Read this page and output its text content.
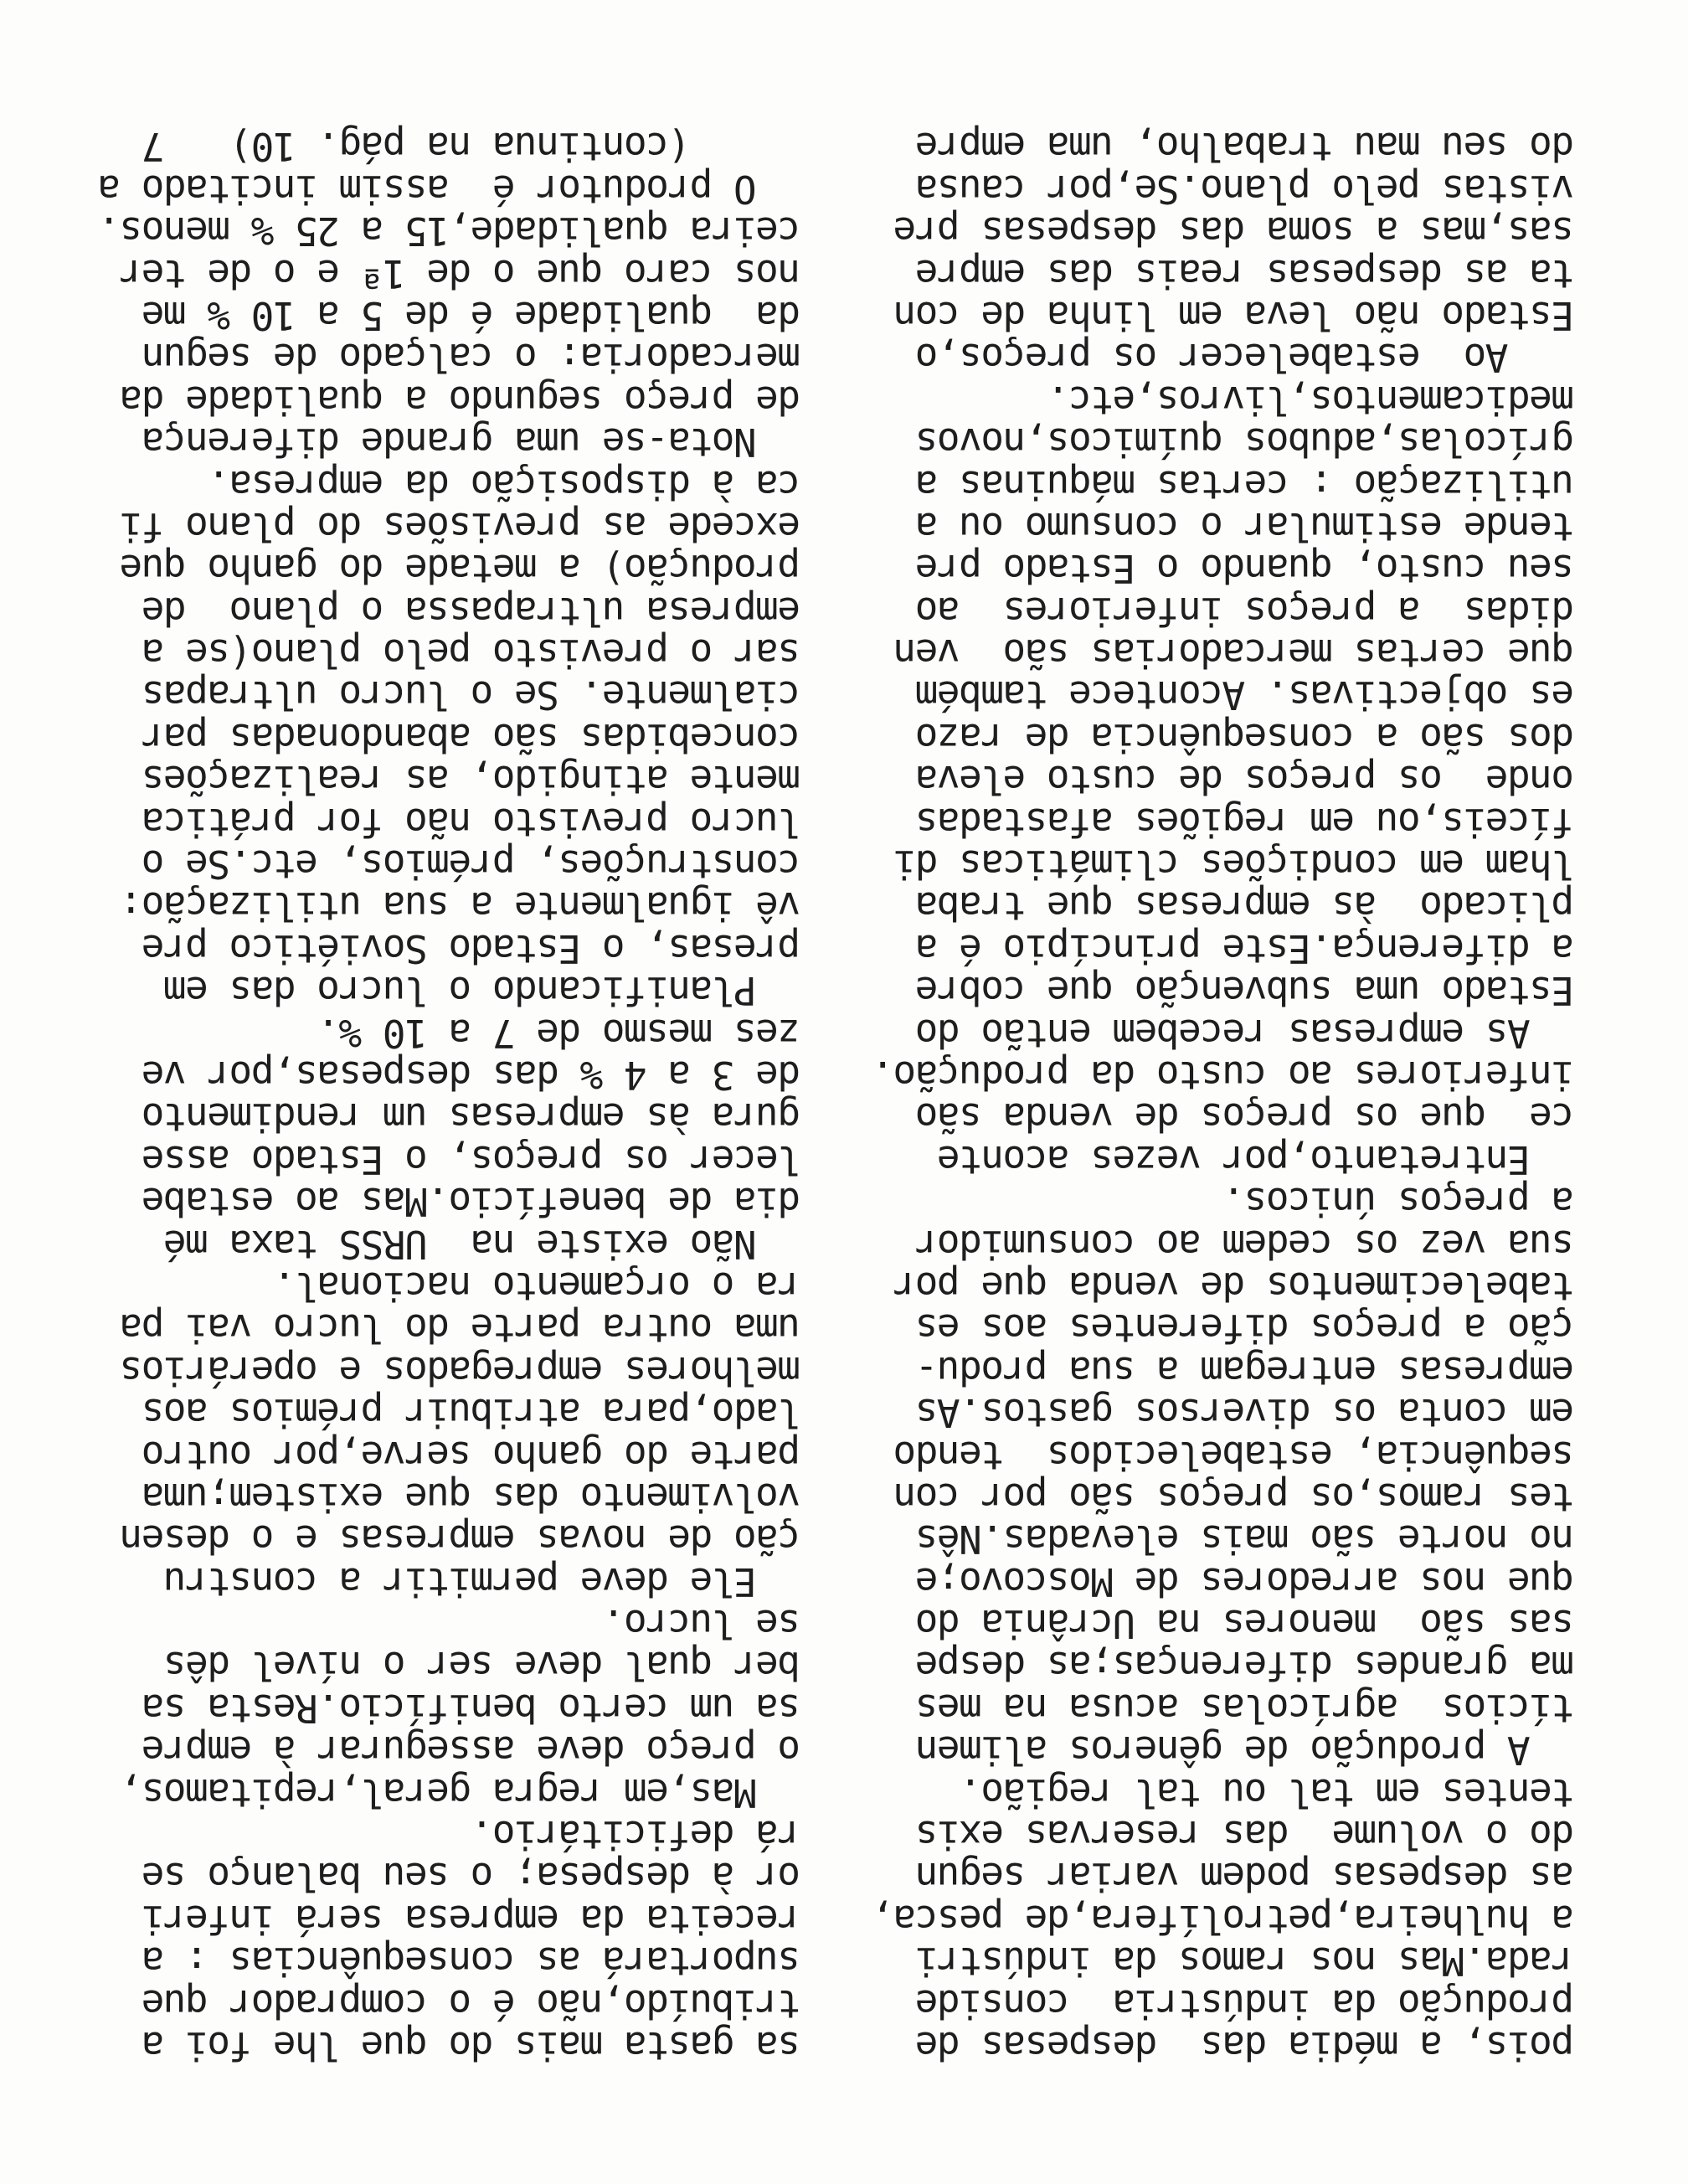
pois, a média das  despesas de
produção da indústria  conside
rada.Mas nos ramos da indústri
a hulheira,petrolífera,de pesca,
as despesas podem variar segun
do o volume  das reservas exis
tentes em tal ou tal região.
A produção de gêneros alimen
tícios  agrícolas acusa na mes
ma grandes diferenças;as despe
sas são  menores na Ucrânia do
que nos arredores de Moscovo;e
no norte são mais elevadas.Nês
tes ramos,os preços são por con
sequência, estabelecidos  tendo
em conta os diversos gastos.As
empresas entregam a sua produ-
ção a preços diferentes aos es
tabelecimentos de venda que por
sua vez os cedem ao consumidor
a preços únicos.
Entretanto,por vezes aconte
ce  que os preços de venda são
inferiores ao custo da produção.
As empresas recebem então do
Estado uma subvenção que cobre
a diferença.Este princípio é a
plicado  às empresas que traba
lham em condições climáticas di
fíceis,ou em regiões afastadas
onde  os preços de custo eleva
dos são a consequência de razo
es objectivas. Acontece também
que certas mercadorias são  ven
didas  a preços inferiores  ao
seu custo, quando o Estado pre
tende estimular o consumo ou a
utilização : certas máquinas a
grícolas,adubos químicos,novos
medicamentos,livros,etc.
Ao  estabelecer os preços,o
Estado não leva em linha de con
ta as despesas reais das empre
sas,mas a soma das despesas pre
vistas pelo plano.Se,por causa
do seu mau trabalho, uma empre
sa gasta mais do que lhe foi a
tribuído,não é o comprador que
suportará as consequências : a
receita da empresa será inferi
or à despesa; o seu balanço se
rá deficitário.
Mas,em regra geral,repitamos,
o preço deve assegurar à empre
sa um certo benifício.Resta sa
ber qual deve ser o nível dês
se lucro.
Ele deve permitir a constru
ção de novas empresas e o desen
volvimento das que existem;uma
parte do ganho serve,por outro
lado,para atribuir prémios aos
melhores empregados e operários
uma outra parte do lucro vai pa
ra o orçamento nacional.
Não existe na  URSS taxa mé
dia de benefício.Mas ao estabe
lecer os preços, o Estado asse
gura às empresas um rendimento
de 3 a 4 % das despesas,por ve
zes mesmo de 7 a 10 %.
Planificando o lucro das em
presas, o Estado Soviético pre
vê igualmente a sua utilização:
construções, prémios, etc.Se o
lucro previsto não for prática
mente atingido, as realizações
concebidas são abandonadas par
cialmente. Se o lucro ultrapas
sar o previsto pelo plano(se a
empresa ultrapassa o plano  de
produção) a metade do ganho que
excede as previsões do plano fi
ca à disposição da empresa.
Nota-se uma grande diferença
de preço segundo a qualidade da
mercadoria: o calçado de segun
da  qualidade é de 5 a 10 % me
nos caro que o de 1ª e o de ter
ceira qualidade,15 a 25 % menos.
O produtor é  assim incitado a
(continua na pág. 10)   7
